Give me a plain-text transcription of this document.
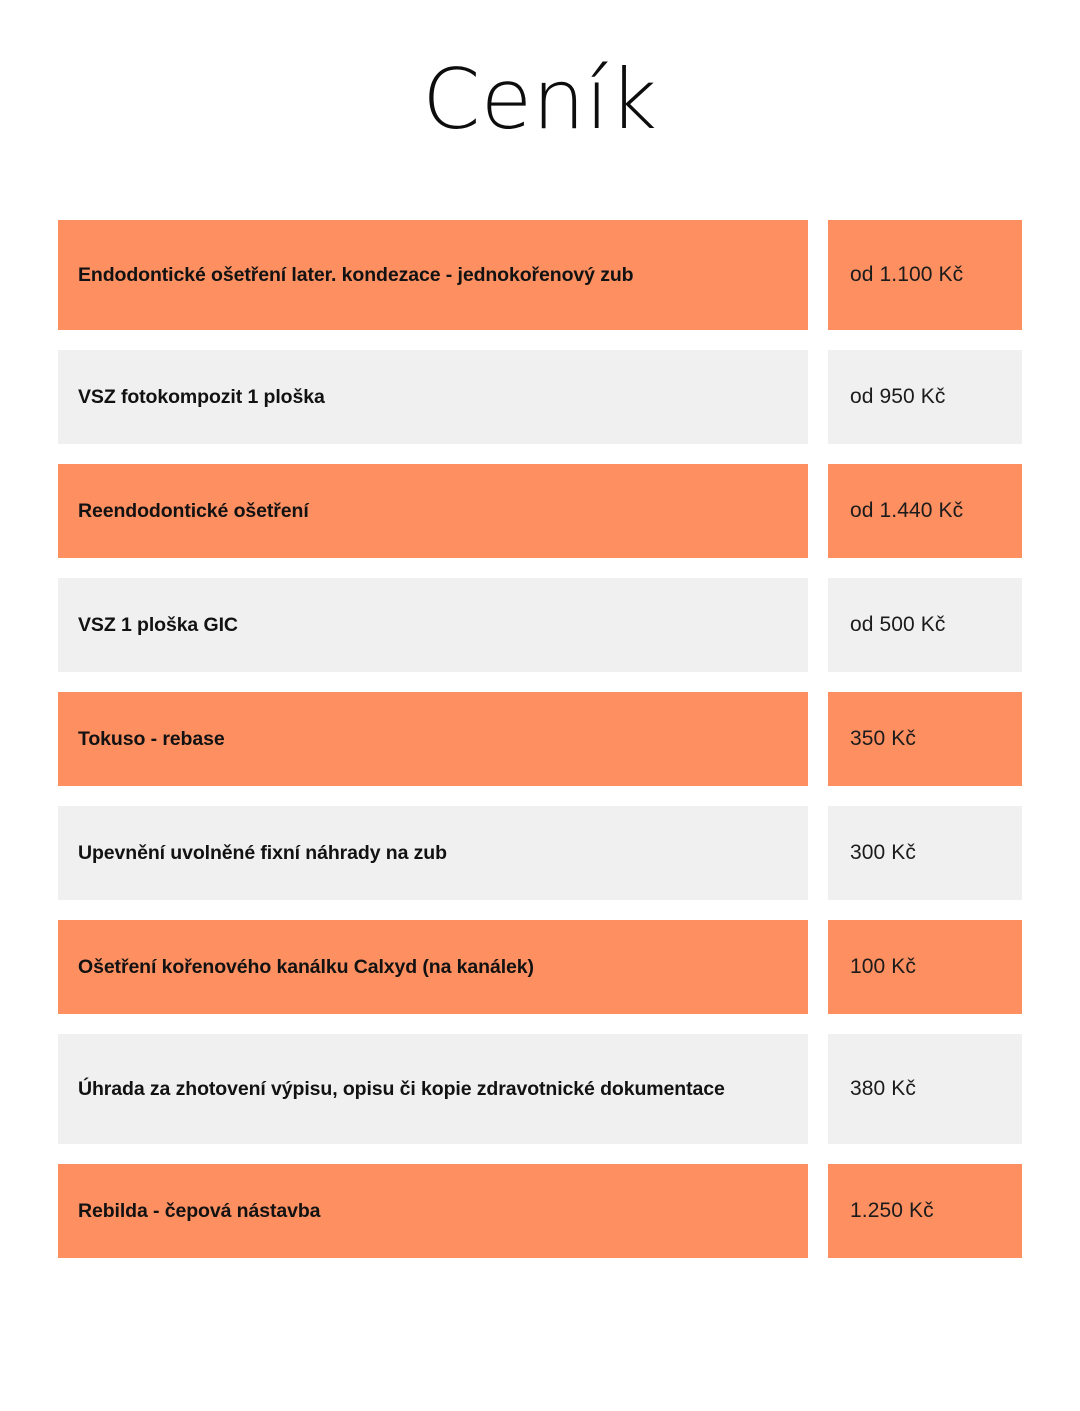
Ceník
Endodontické ošetření later. kondezace - jednokořenový zub	od 1.100 Kč
VSZ fotokompozit 1 ploška	od 950 Kč
Reendodontické ošetření	od 1.440 Kč
VSZ 1 ploška GIC	od 500 Kč
Tokuso - rebase	350 Kč
Upevnění uvolněné fixní náhrady na zub	300 Kč
Ošetření kořenového kanálku Calxyd (na kanálek)	100 Kč
Úhrada za zhotovení výpisu, opisu či kopie zdravotnické dokumentace	380 Kč
Rebilda - čepová nástavba	1.250 Kč
